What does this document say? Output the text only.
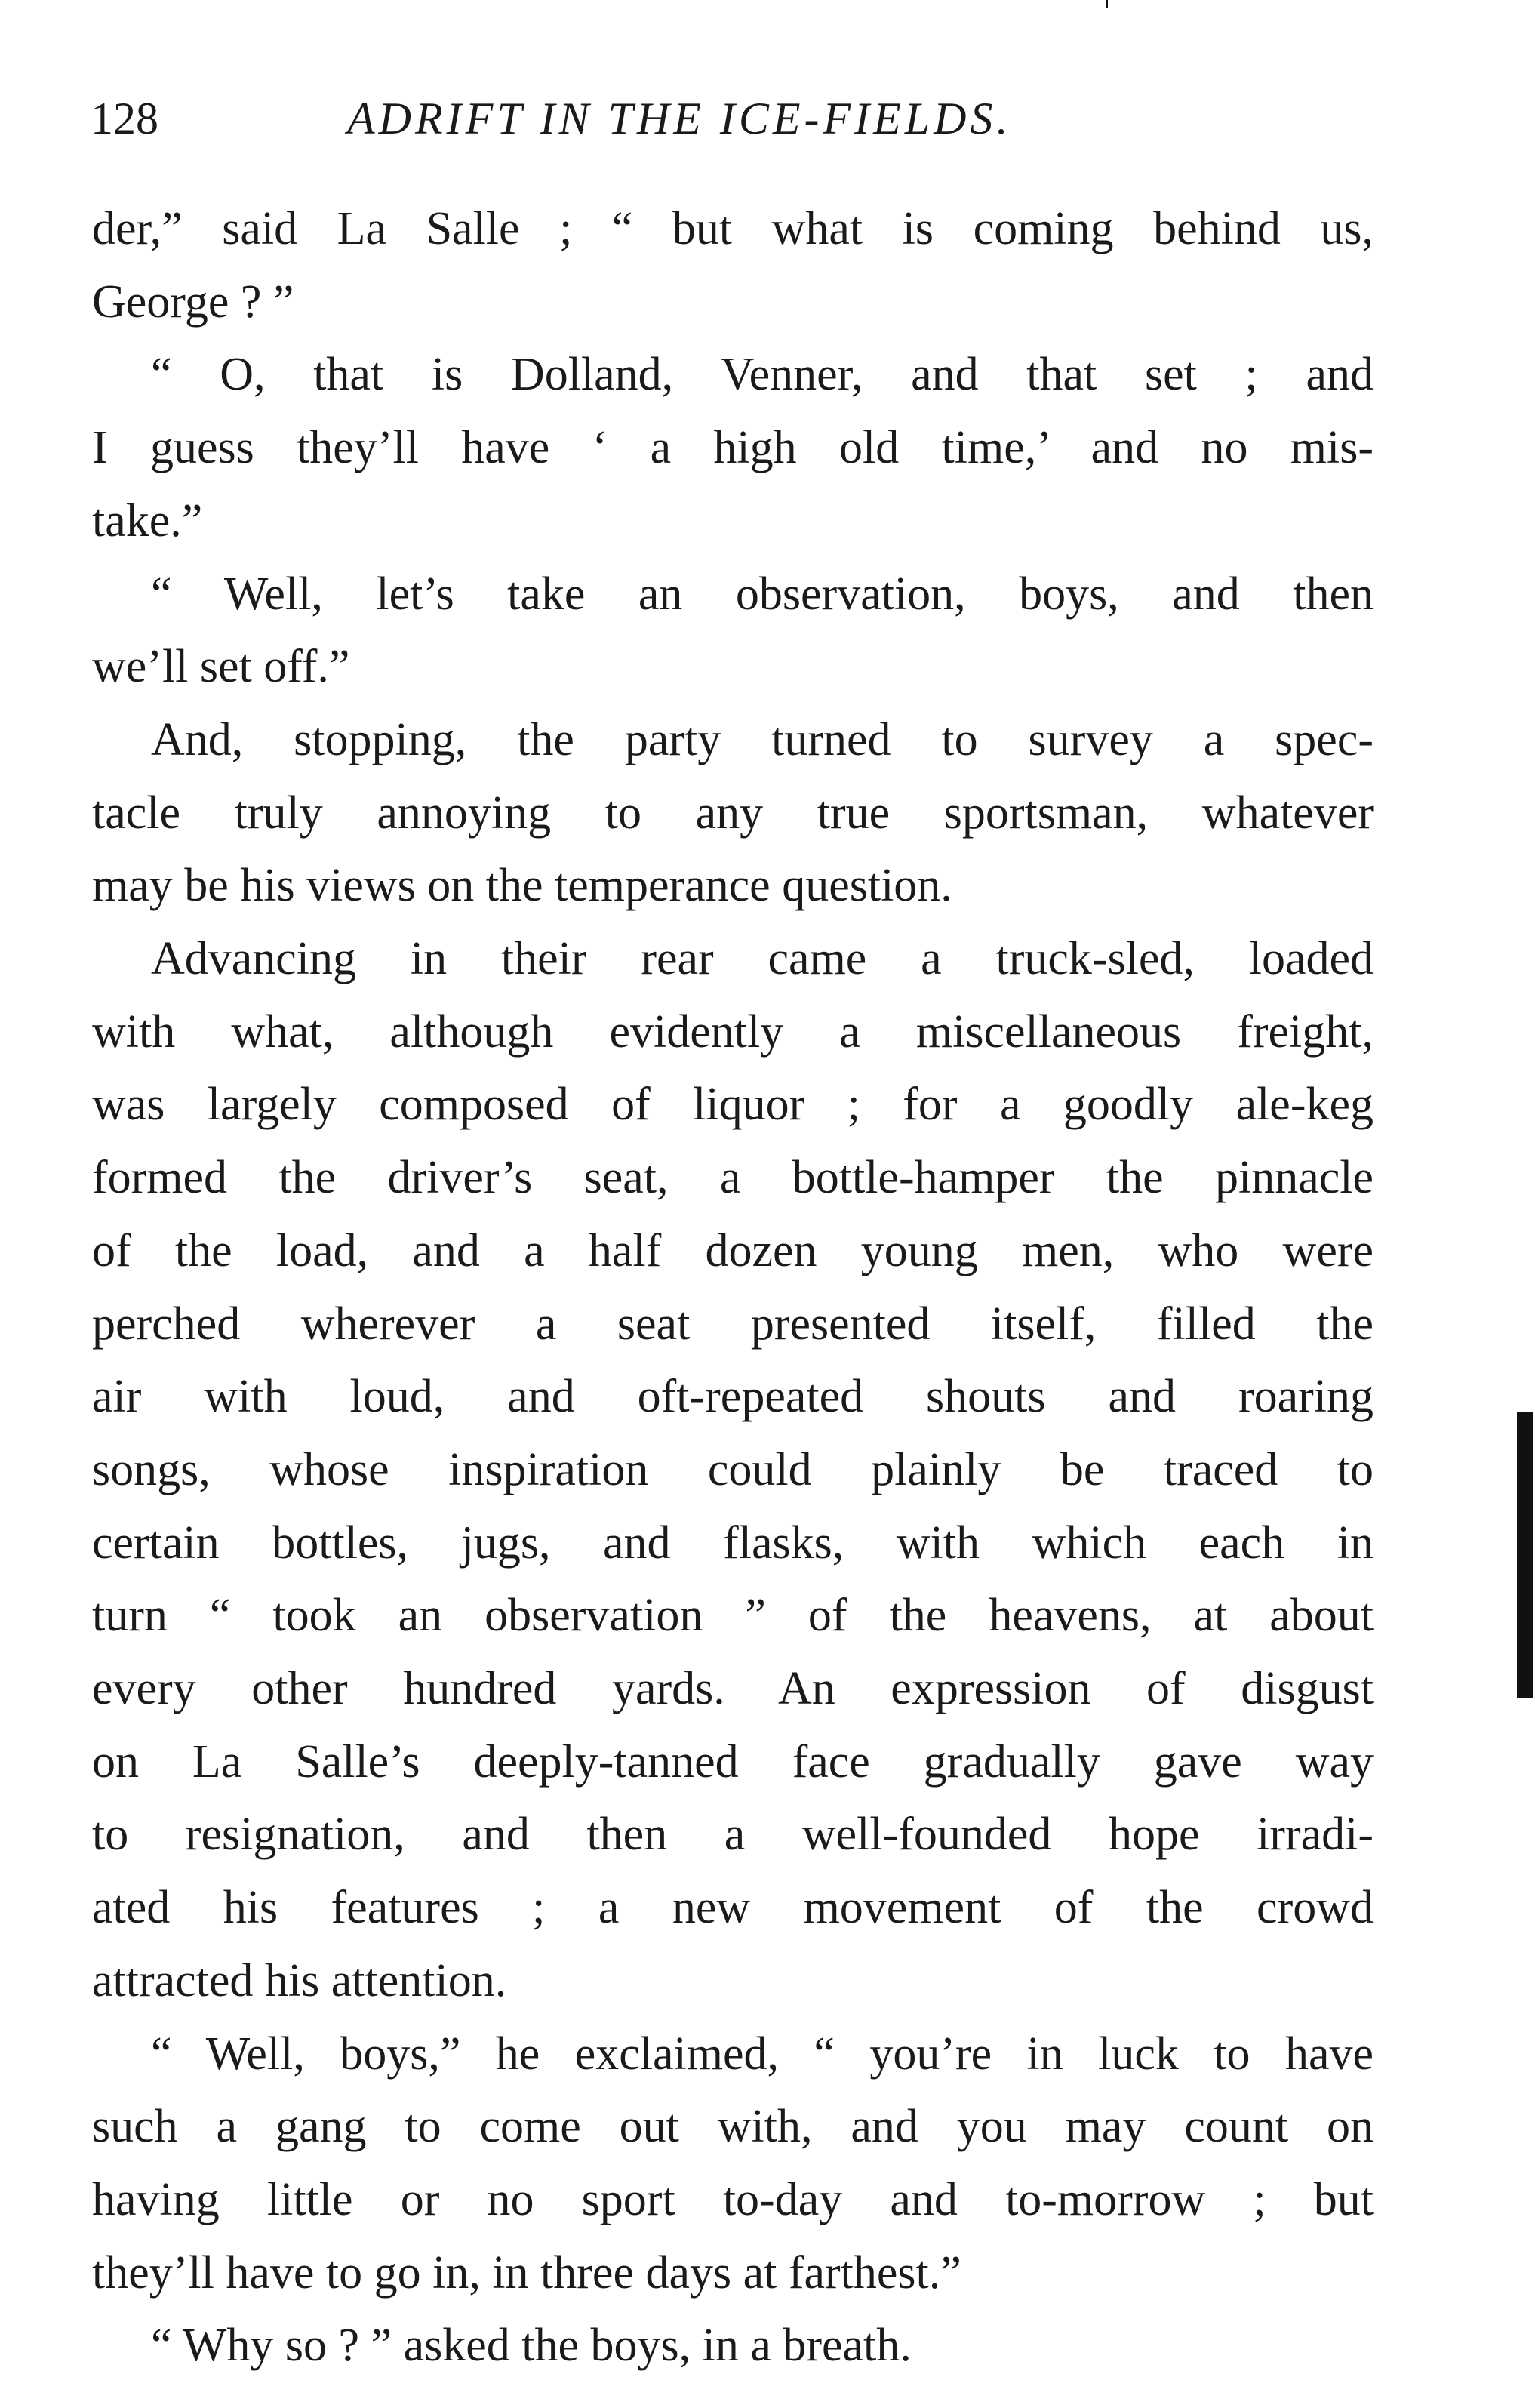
128	ADRIFT IN THE ICE-FIELDS.
der,” said La Salle ; “ but what is coming behind us,
George ? ”
“ O, that is Dolland, Venner, and that set ; and
I guess they’ll have ‘ a high old time,’ and no mis-
take.”
“ Well, let’s take an observation, boys, and then
we’ll set off.”
And, stopping, the party turned to survey a spec-
tacle truly annoying to any true sportsman, whatever
may be his views on the temperance question.
Advancing in their rear came a truck-sled, loaded
with what, although evidently a miscellaneous freight,
was largely composed of liquor ; for a goodly ale-keg
formed the driver’s seat, a bottle-hamper the pinnacle
of the load, and a half dozen young men, who were
perched wherever a seat presented itself, filled the
air with loud, and oft-repeated shouts and roaring
songs, whose inspiration could plainly be traced to
certain bottles, jugs, and flasks, with which each in
turn “ took an observation ” of the heavens, at about
every other hundred yards. An expression of disgust
on La Salle’s deeply-tanned face gradually gave way
to resignation, and then a well-founded hope irradi-
ated his features ; a new movement of the crowd
attracted his attention.
“ Well, boys,” he exclaimed, “ you’re in luck to have
such a gang to come out with, and you may count on
having little or no sport to-day and to-morrow ; but
they’ll have to go in, in three days at farthest.”
“ Why so ? ” asked the boys, in a breath.
